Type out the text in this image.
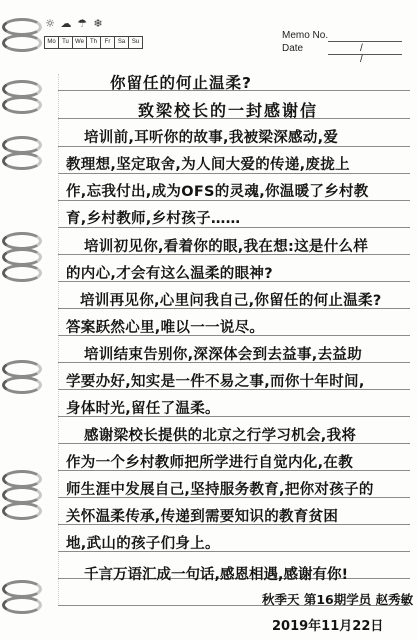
☼ ☁ ☂ ❄
Mo	Tu	We	Th	Fr	Sa	Su
Memo No.
Date	/ /
你留任的何止温柔?
致梁校长的一封感谢信
培训前,耳听你的故事,我被梁深感动,爱
教理想,坚定取舍,为人间大爱的传递,废拢上
作,忘我付出,成为OFS的灵魂,你温暖了乡村教
育,乡村教师,乡村孩子……
培训初见你,看着你的眼,我在想:这是什么样
的内心,才会有这么温柔的眼神?
培训再见你,心里问我自己,你留任的何止温柔?
答案跃然心里,唯以一一说尽。
培训结束告别你,深深体会到去益事,去益助
学要办好,知实是一件不易之事,而你十年时间,
身体时光,留任了温柔。
感谢梁校长提供的北京之行学习机会,我将
作为一个乡村教师把所学进行自觉内化,在教
师生涯中发展自己,坚持服务教育,把你对孩子的
关怀温柔传承,传递到需要知识的教育贫困
地,武山的孩子们身上。
千言万语汇成一句话,感恩相遇,感谢有你!
秋季天 第16期学员 赵秀敏
2019年11月22日
